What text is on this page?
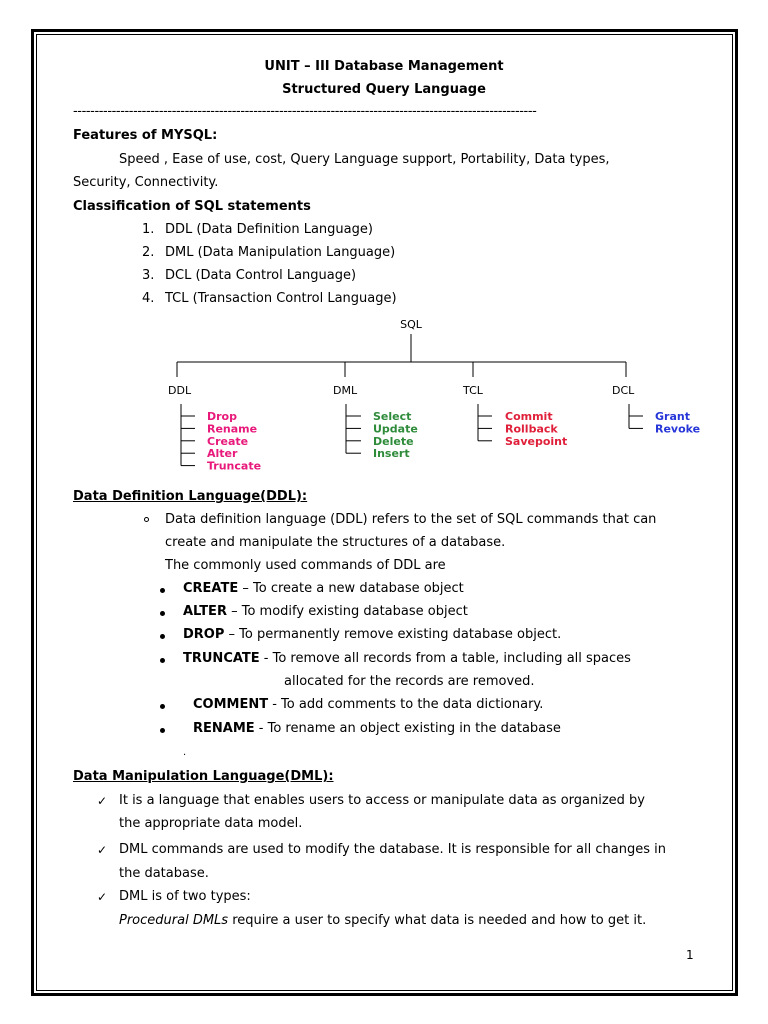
UNIT – III Database Management
Structured Query Language
------------------------------------------------------------------------------------------------------------
Features of MYSQL:
Speed , Ease of use, cost, Query Language support, Portability, Data types,
Security, Connectivity.
Classification of SQL statements
1. DDL (Data Definition Language)
2. DML (Data Manipulation Language)
3. DCL (Data Control Language)
4. TCL (Transaction Control Language)
SQL
DDL
Drop
Rename
Create
Alter
Truncate
DML
Select
Update
Delete
Insert
TCL
Commit
Rollback
Savepoint
DCL
Grant
Revoke
Data Definition Language(DDL):
Data definition language (DDL) refers to the set of SQL commands that can
create and manipulate the structures of a database.
The commonly used commands of DDL are
CREATE – To create a new database object
ALTER – To modify existing database object
DROP – To permanently remove existing database object.
TRUNCATE - To remove all records from a table, including all spaces
allocated for the records are removed.
COMMENT - To add comments to the data dictionary.
RENAME - To rename an object existing in the database
.
Data Manipulation Language(DML):
✓ It is a language that enables users to access or manipulate data as organized by
the appropriate data model.
✓ DML commands are used to modify the database. It is responsible for all changes in
the database.
✓ DML is of two types:
Procedural DMLs require a user to specify what data is needed and how to get it.
1
